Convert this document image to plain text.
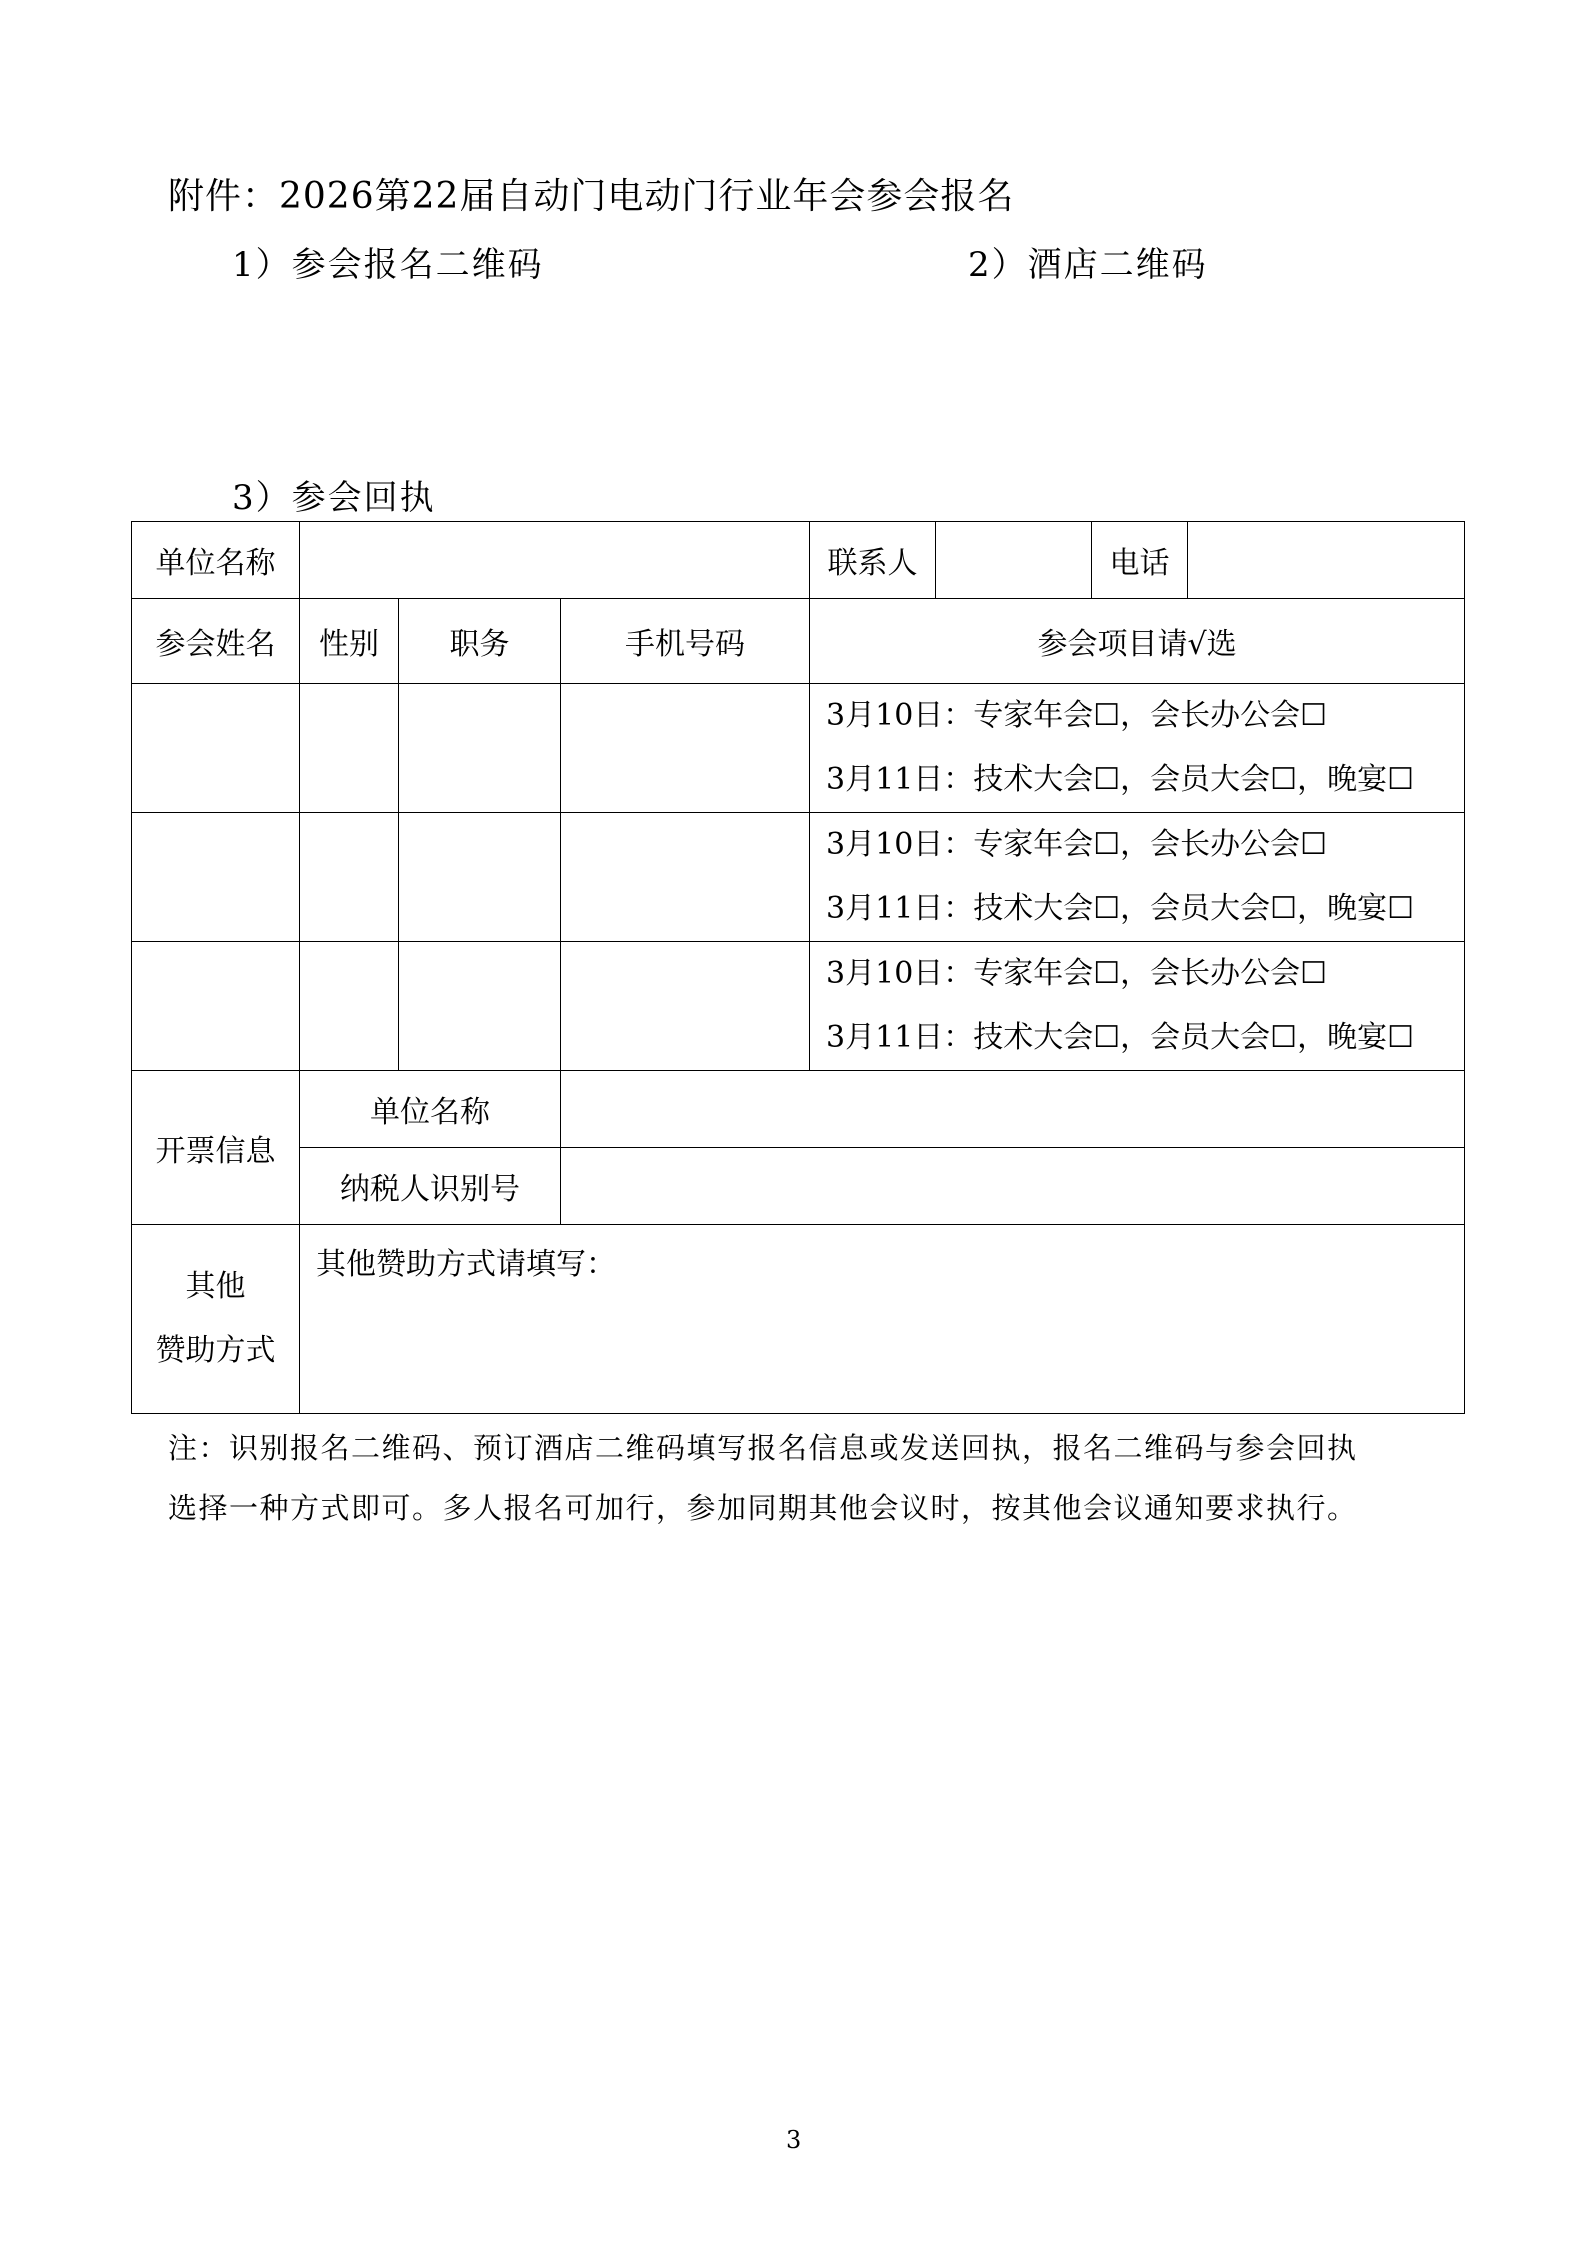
附件：2026第22届自动门电动门行业年会参会报名
1）参会报名二维码	2）酒店二维码
3）参会回执
单位名称				联系人		电话	
参会姓名	性别	职务	手机号码	参会项目请√选			

				3月10日：专家年会☐，会长办公会☐
3月11日：技术大会☐，会员大会☐，晚宴☐			

				3月10日：专家年会☐，会长办公会☐
3月11日：技术大会☐，会员大会☐，晚宴☐			

				3月10日：专家年会☐，会长办公会☐
3月11日：技术大会☐，会员大会☐，晚宴☐			

开票信息	单位名称						
	纳税人识别号						

其他
赞助方式	其他赞助方式请填写：						
注：识别报名二维码、预订酒店二维码填写报名信息或发送回执，报名二维码与参会回执
选择一种方式即可。多人报名可加行，参加同期其他会议时，按其他会议通知要求执行。
3
